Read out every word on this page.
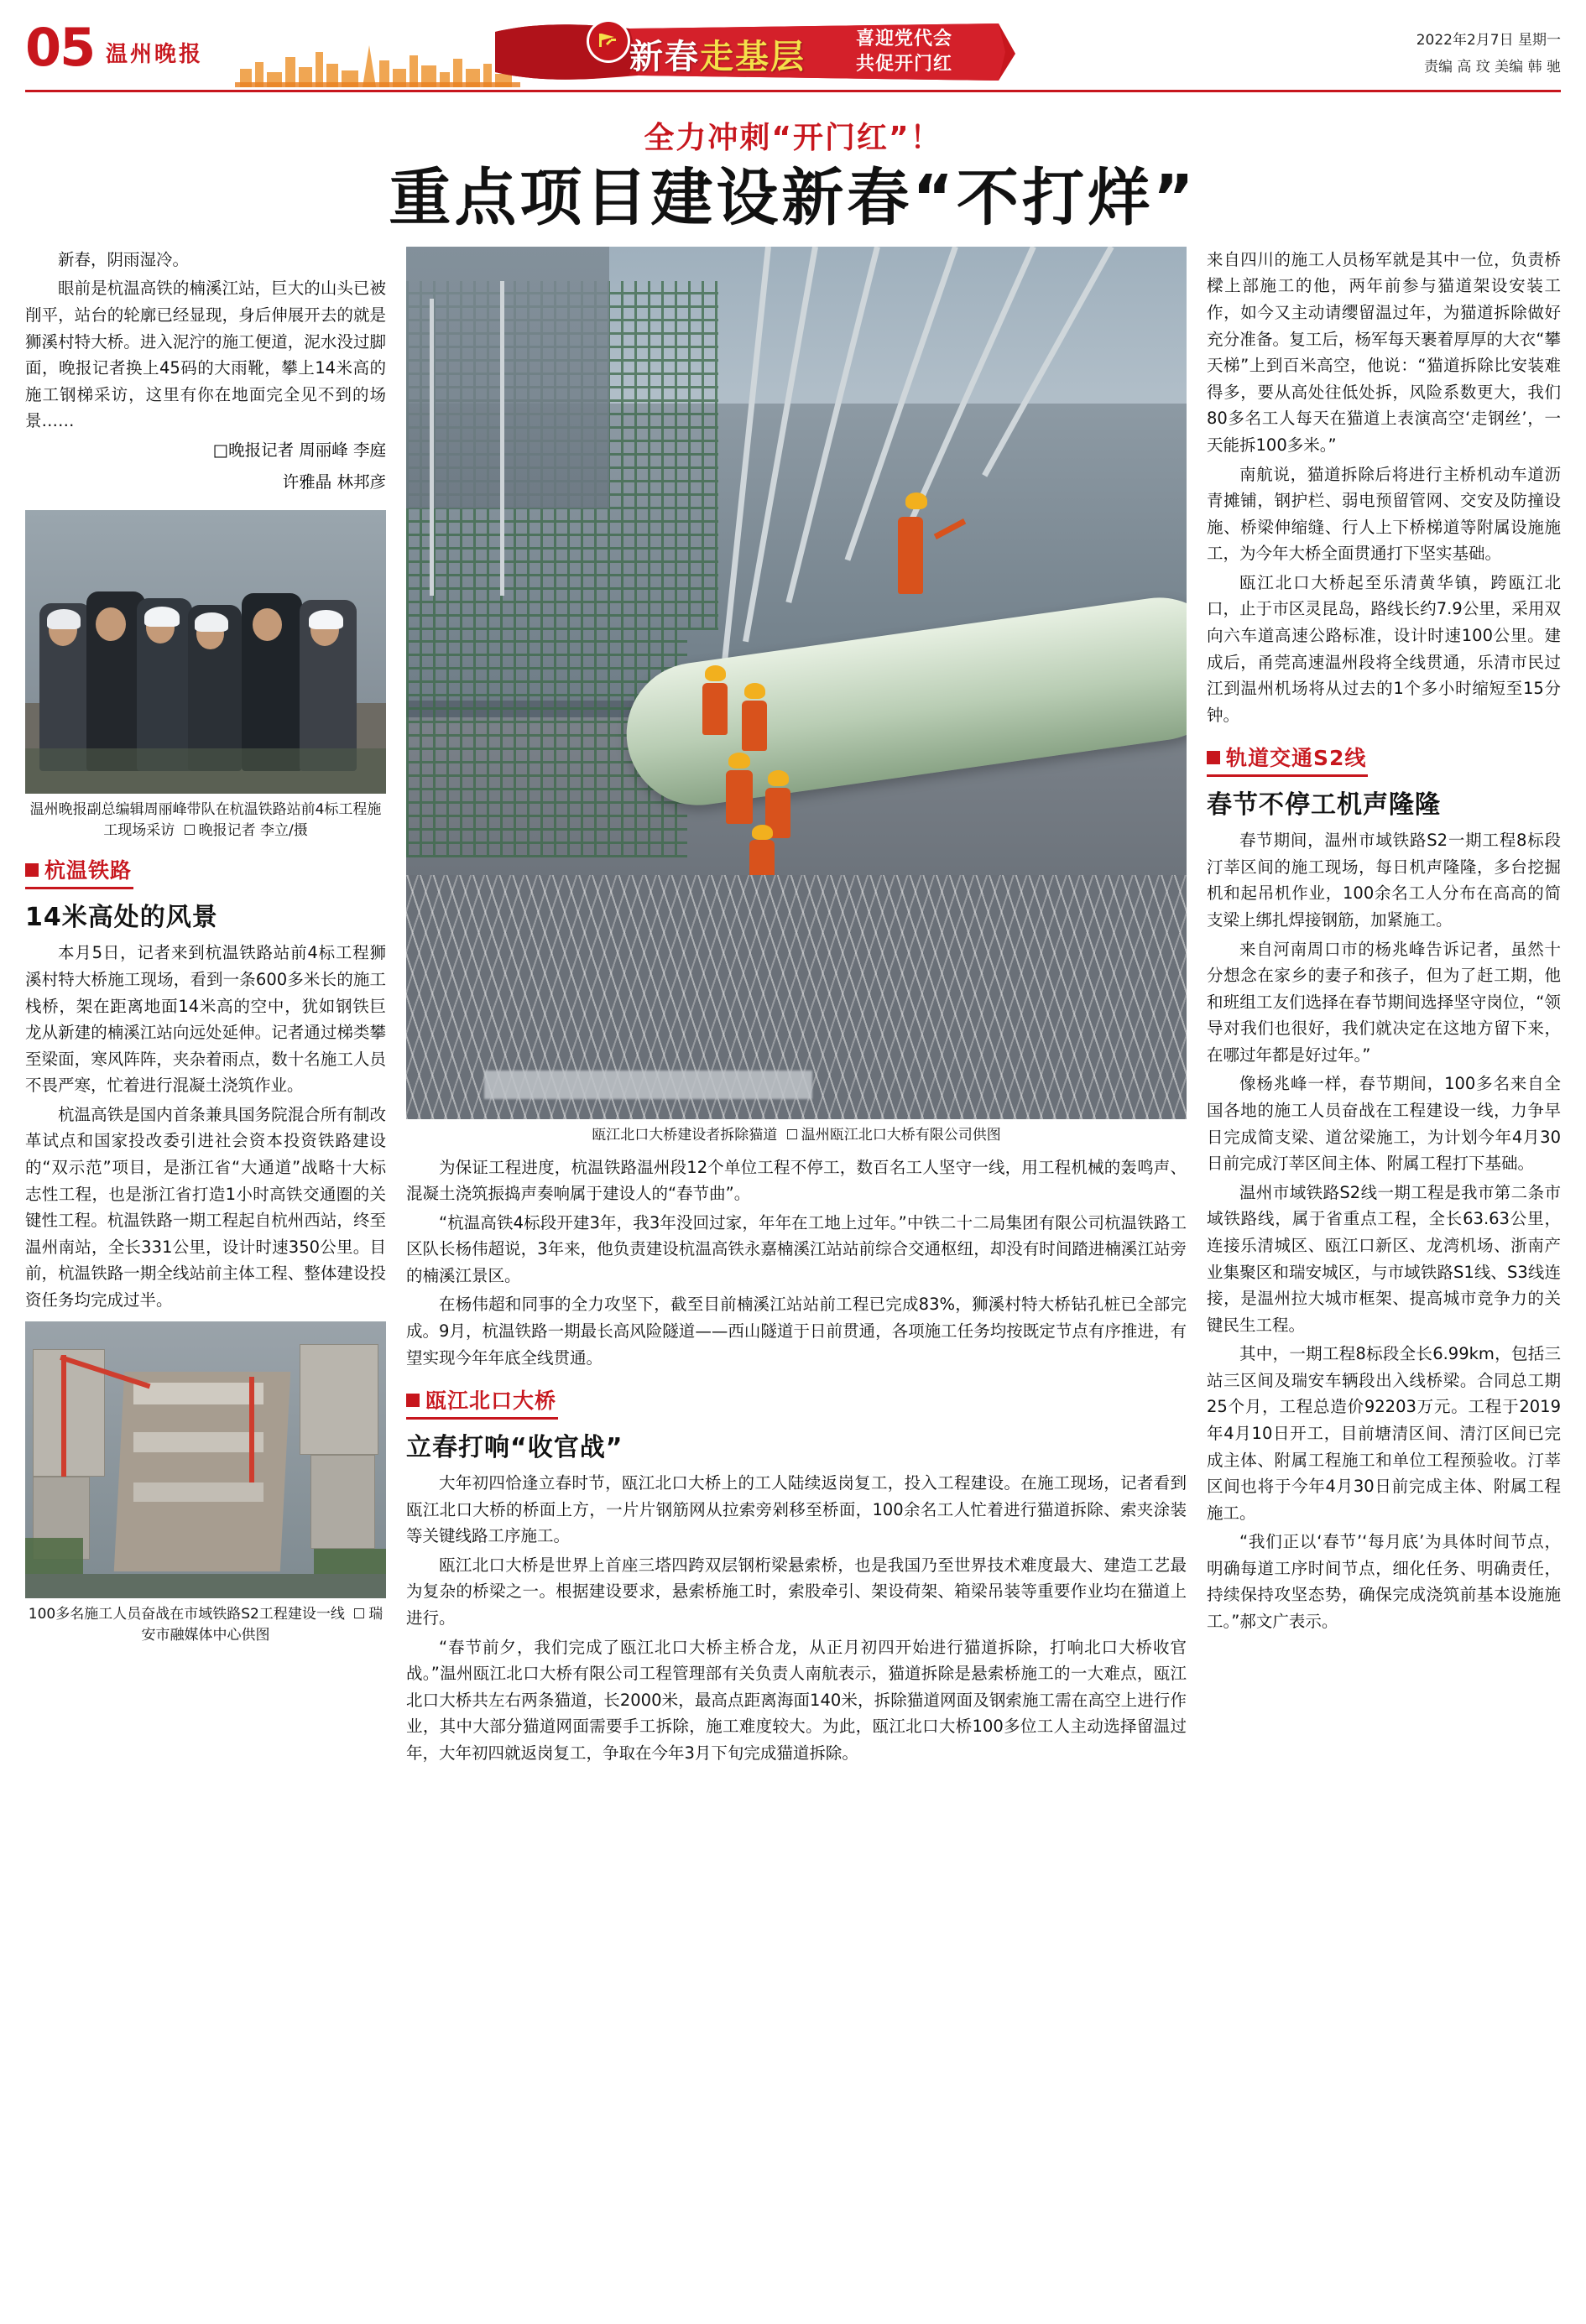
05 温州晚报	新春走基层	喜迎党代会
共促开门红
2022年2月7日 星期一
责编 高 玟 美编 韩 驰
全力冲刺“开门红”！
重点项目建设新春“不打烊”

新春，阴雨湿冷。

眼前是杭温高铁的楠溪江站，巨大的山头已被削平，站台的轮廓已经显现，身后伸展开去的就是狮溪村特大桥。进入泥泞的施工便道，泥水没过脚面，晚报记者换上45码的大雨靴，攀上14米高的施工钢梯采访，这里有你在地面完全见不到的场景……

□晚报记者 周丽峰 李庭

许雅晶 林邦彦

温州晚报副总编辑周丽峰带队在杭温铁路站前4标工程施工现场采访 晚报记者 李立/摄
杭温铁路
14米高处的风景

本月5日，记者来到杭温铁路站前4标工程狮溪村特大桥施工现场，看到一条600多米长的施工栈桥，架在距离地面14米高的空中，犹如钢铁巨龙从新建的楠溪江站向远处延伸。记者通过梯类攀至梁面，寒风阵阵，夹杂着雨点，数十名施工人员不畏严寒，忙着进行混凝土浇筑作业。

杭温高铁是国内首条兼具国务院混合所有制改革试点和国家投改委引进社会资本投资铁路建设的“双示范”项目，是浙江省“大通道”战略十大标志性工程，也是浙江省打造1小时高铁交通圈的关键性工程。杭温铁路一期工程起自杭州西站，终至温州南站，全长331公里，设计时速350公里。目前，杭温铁路一期全线站前主体工程、整体建设投资任务均完成过半。

100多名施工人员奋战在市域铁路S2工程建设一线 瑞安市融媒体中心供图
瓯江北口大桥建设者拆除猫道 温州瓯江北口大桥有限公司供图

为保证工程进度，杭温铁路温州段12个单位工程不停工，数百名工人坚守一线，用工程机械的轰鸣声、混凝土浇筑振捣声奏响属于建设人的“春节曲”。

“杭温高铁4标段开建3年，我3年没回过家，年年在工地上过年。”中铁二十二局集团有限公司杭温铁路工区队长杨伟超说，3年来，他负责建设杭温高铁永嘉楠溪江站站前综合交通枢纽，却没有时间踏进楠溪江站旁的楠溪江景区。

在杨伟超和同事的全力攻坚下，截至目前楠溪江站站前工程已完成83%，狮溪村特大桥钻孔桩已全部完成。9月，杭温铁路一期最长高风险隧道——西山隧道于日前贯通，各项施工任务均按既定节点有序推进，有望实现今年年底全线贯通。

瓯江北口大桥
立春打响“收官战”

大年初四恰逢立春时节，瓯江北口大桥上的工人陆续返岗复工，投入工程建设。在施工现场，记者看到瓯江北口大桥的桥面上方，一片片钢筋网从拉索旁剁移至桥面，100余名工人忙着进行猫道拆除、索夹涂装等关键线路工序施工。

瓯江北口大桥是世界上首座三塔四跨双层钢桁梁悬索桥，也是我国乃至世界技术难度最大、建造工艺最为复杂的桥梁之一。根据建设要求，悬索桥施工时，索股牵引、架设荷架、箱梁吊装等重要作业均在猫道上进行。

“春节前夕，我们完成了瓯江北口大桥主桥合龙，从正月初四开始进行猫道拆除，打响北口大桥收官战。”温州瓯江北口大桥有限公司工程管理部有关负责人南航表示，猫道拆除是悬索桥施工的一大难点，瓯江北口大桥共左右两条猫道，长2000米，最高点距离海面140米，拆除猫道网面及钢索施工需在高空上进行作业，其中大部分猫道网面需要手工拆除，施工难度较大。为此，瓯江北口大桥100多位工人主动选择留温过年，大年初四就返岗复工，争取在今年3月下旬完成猫道拆除。

来自四川的施工人员杨军就是其中一位，负责桥樑上部施工的他，两年前参与猫道架设安装工作，如今又主动请缨留温过年，为猫道拆除做好充分准备。复工后，杨军每天裹着厚厚的大衣“攀天梯”上到百米高空，他说：“猫道拆除比安装难得多，要从高处往低处拆，风险系数更大，我们80多名工人每天在猫道上表演高空‘走钢丝’，一天能拆100多米。”

南航说，猫道拆除后将进行主桥机动车道沥青摊铺，钢护栏、弱电预留管网、交安及防撞设施、桥梁伸缩缝、行人上下桥梯道等附属设施施工，为今年大桥全面贯通打下坚实基础。

瓯江北口大桥起至乐清黄华镇，跨瓯江北口，止于市区灵昆岛，路线长约7.9公里，采用双向六车道高速公路标准，设计时速100公里。建成后，甬莞高速温州段将全线贯通，乐清市民过江到温州机场将从过去的1个多小时缩短至15分钟。

轨道交通S2线
春节不停工机声隆隆

春节期间，温州市域铁路S2一期工程8标段汀莘区间的施工现场，每日机声隆隆，多台挖掘机和起吊机作业，100余名工人分布在高高的简支梁上绑扎焊接钢筋，加紧施工。

来自河南周口市的杨兆峰告诉记者，虽然十分想念在家乡的妻子和孩子，但为了赶工期，他和班组工友们选择在春节期间选择坚守岗位，“领导对我们也很好，我们就决定在这地方留下来，在哪过年都是好过年。”

像杨兆峰一样，春节期间，100多名来自全国各地的施工人员奋战在工程建设一线，力争早日完成简支梁、道岔梁施工，为计划今年4月30日前完成汀莘区间主体、附属工程打下基础。

温州市域铁路S2线一期工程是我市第二条市域铁路线，属于省重点工程，全长63.63公里，连接乐清城区、瓯江口新区、龙湾机场、浙南产业集聚区和瑞安城区，与市域铁路S1线、S3线连接，是温州拉大城市框架、提高城市竞争力的关键民生工程。

其中，一期工程8标段全长6.99km，包括三站三区间及瑞安车辆段出入线桥梁。合同总工期25个月，工程总造价92203万元。工程于2019年4月10日开工，目前塘清区间、清汀区间已完成主体、附属工程施工和单位工程预验收。汀莘区间也将于今年4月30日前完成主体、附属工程施工。

“我们正以‘春节’‘每月底’为具体时间节点，明确每道工序时间节点，细化任务、明确责任，持续保持攻坚态势，确保完成浇筑前基本设施施工。”郝文广表示。
